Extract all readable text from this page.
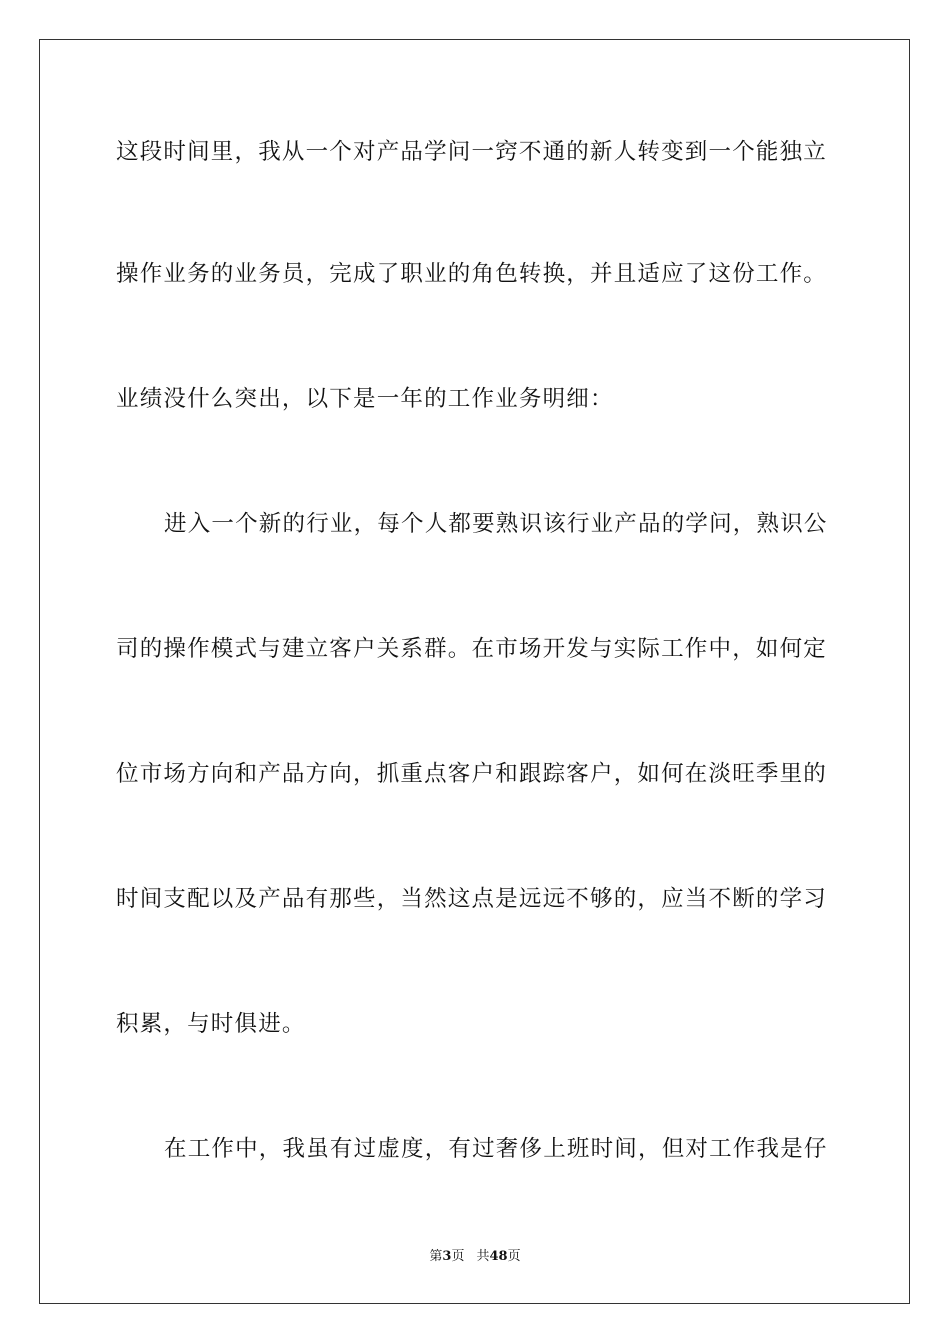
这段时间里，我从一个对产品学问一窍不通的新人转变到一个能独立
操作业务的业务员，完成了职业的角色转换，并且适应了这份工作。
业绩没什么突出，以下是一年的工作业务明细：
进入一个新的行业，每个人都要熟识该行业产品的学问，熟识公
司的操作模式与建立客户关系群。在市场开发与实际工作中，如何定
位市场方向和产品方向，抓重点客户和跟踪客户，如何在淡旺季里的
时间支配以及产品有那些，当然这点是远远不够的，应当不断的学习
积累，与时俱进。
在工作中，我虽有过虚度，有过奢侈上班时间，但对工作我是仔
第3页 共48页
